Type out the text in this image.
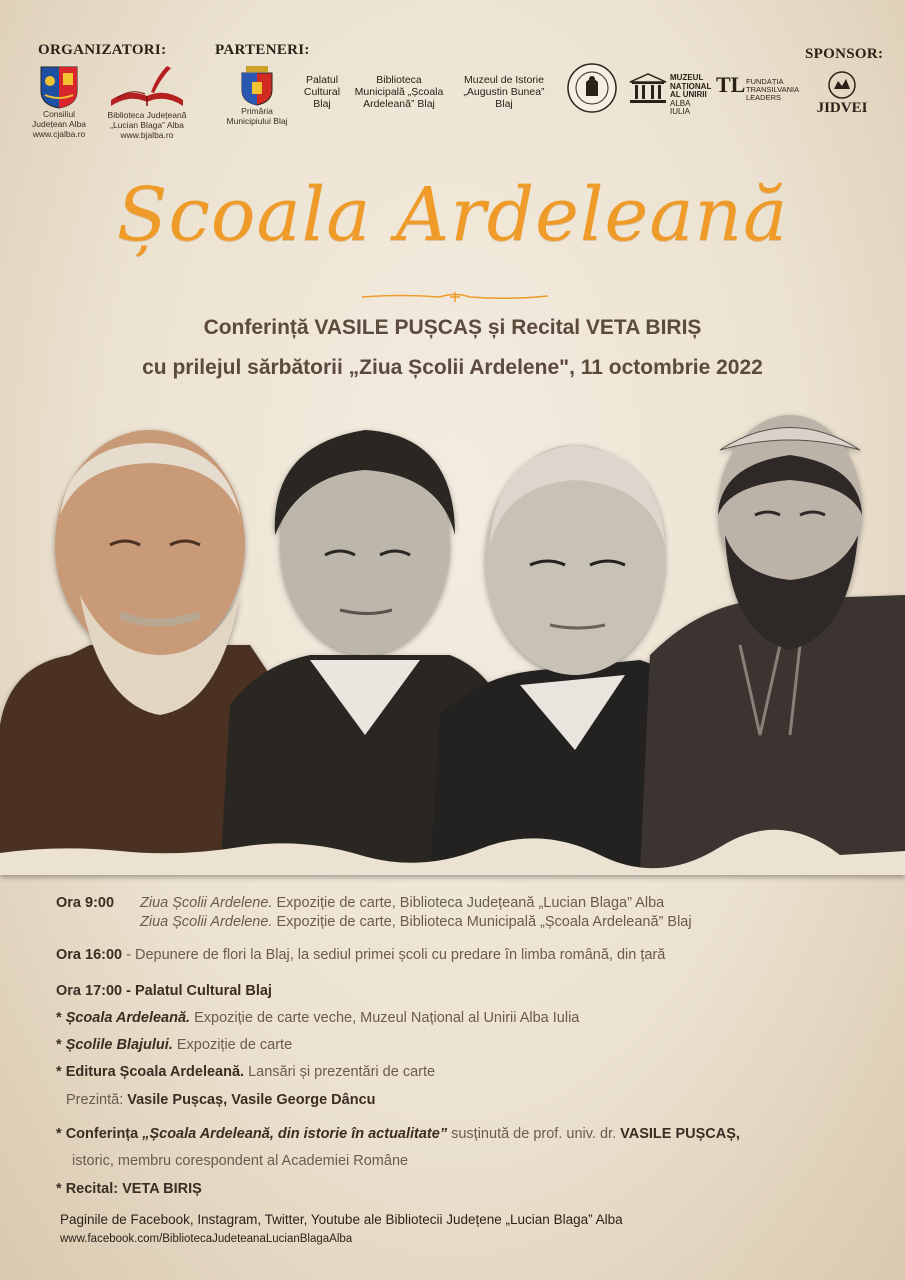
ORGANIZATORI:	PARTENERI:	SPONSOR:
Consiliul
Județean Alba
www.cjalba.ro
Biblioteca Județeană
„Lucian Blaga” Alba
www.bjalba.ro
Primăria
Municipiului Blaj
Palatul
Cultural
Blaj
Biblioteca
Municipală „Școala
Ardeleană” Blaj
Muzeul de Istorie
„Augustin Bunea”
Blaj
MUZEUL
NAȚIONAL
AL UNIRII
ALBA IULIA
TL FUNDAȚIA
TRANSILVANIA
LEADERS
JIDVEI
Școala Ardeleană
Conferință VASILE PUȘCAȘ și Recital VETA BIRIȘ
cu prilejul sărbătorii „Ziua Școlii Ardelene", 11 octombrie 2022
Ora 9:00 Ziua Școlii Ardelene. Expoziție de carte, Biblioteca Județeană „Lucian Blaga” Alba
Ziua Școlii Ardelene. Expoziție de carte, Biblioteca Municipală „Școala Ardeleană” Blaj
Ora 16:00 - Depunere de flori la Blaj, la sediul primei școli cu predare în limba română, din țară
Ora 17:00 - Palatul Cultural Blaj
* Școala Ardeleană. Expoziție de carte veche, Muzeul Național al Unirii Alba Iulia
* Școlile Blajului. Expoziție de carte
* Editura Școala Ardeleană. Lansări și prezentări de carte
Prezintă: Vasile Pușcaș, Vasile George Dâncu
* Conferința „Școala Ardeleană, din istorie în actualitate” susținută de prof. univ. dr. VASILE PUȘCAȘ,
istoric, membru corespondent al Academiei Române
* Recital: VETA BIRIȘ
Paginile de Facebook, Instagram, Twitter, Youtube ale Bibliotecii Județene „Lucian Blaga” Alba
www.facebook.com/BibliotecaJudeteanaLucianBlagaAlba
